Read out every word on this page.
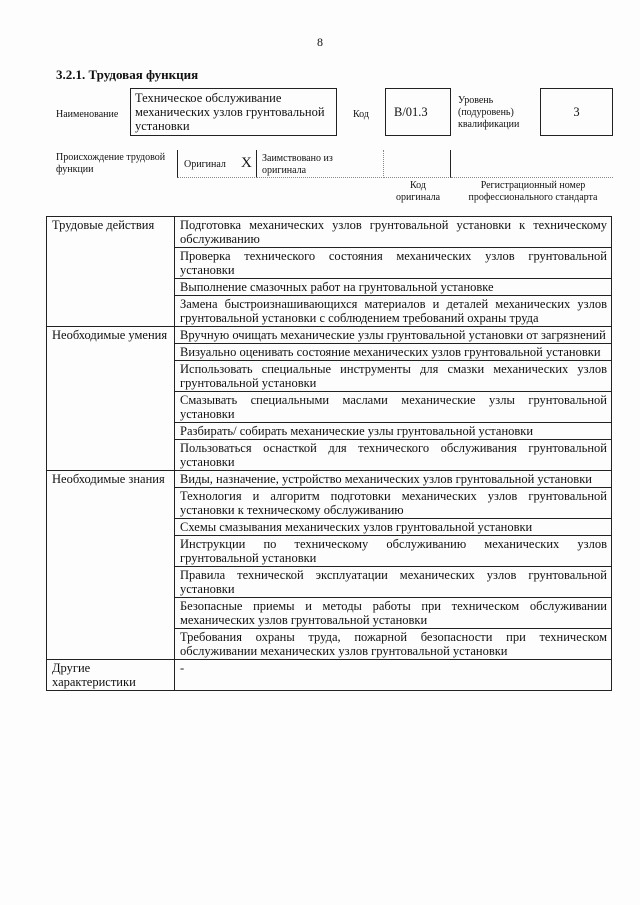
8
3.2.1. Трудовая функция
Наименование
Техническое обслуживание механических узлов грунтовальной установки
Код	B/01.3
Уровень (подуровень) квалификации
3
Происхождение трудовой функции	Оригинал X Заимствовано из оригинала
Код оригинала
Регистрационный номер профессионального стандарта
Трудовые действия	Подготовка механических узлов грунтовальной установки к техническому обслуживанию
	Проверка технического состояния механических узлов грунтовальной установки
	Выполнение смазочных работ на грунтовальной установке
	Замена быстроизнашивающихся материалов и деталей механических узлов грунтовальной установки с соблюдением требований охраны труда
Необходимые умения	Вручную очищать механические узлы грунтовальной установки от загрязнений
	Визуально оценивать состояние механических узлов грунтовальной установки
	Использовать специальные инструменты для смазки механических узлов грунтовальной установки
	Смазывать специальными маслами механические узлы грунтовальной установки
	Разбирать/ собирать механические узлы грунтовальной установки
	Пользоваться оснасткой для технического обслуживания грунтовальной установки
Необходимые знания	Виды, назначение, устройство механических узлов грунтовальной установки
	Технология и алгоритм подготовки механических узлов грунтовальной установки к техническому обслуживанию
	Схемы смазывания механических узлов грунтовальной установки
	Инструкции по техническому обслуживанию механических узлов грунтовальной установки
	Правила технической эксплуатации механических узлов грунтовальной установки
	Безопасные приемы и методы работы при техническом обслуживании механических узлов грунтовальной установки
	Требования охраны труда, пожарной безопасности при техническом обслуживании механических узлов грунтовальной установки
Другие характеристики	-
